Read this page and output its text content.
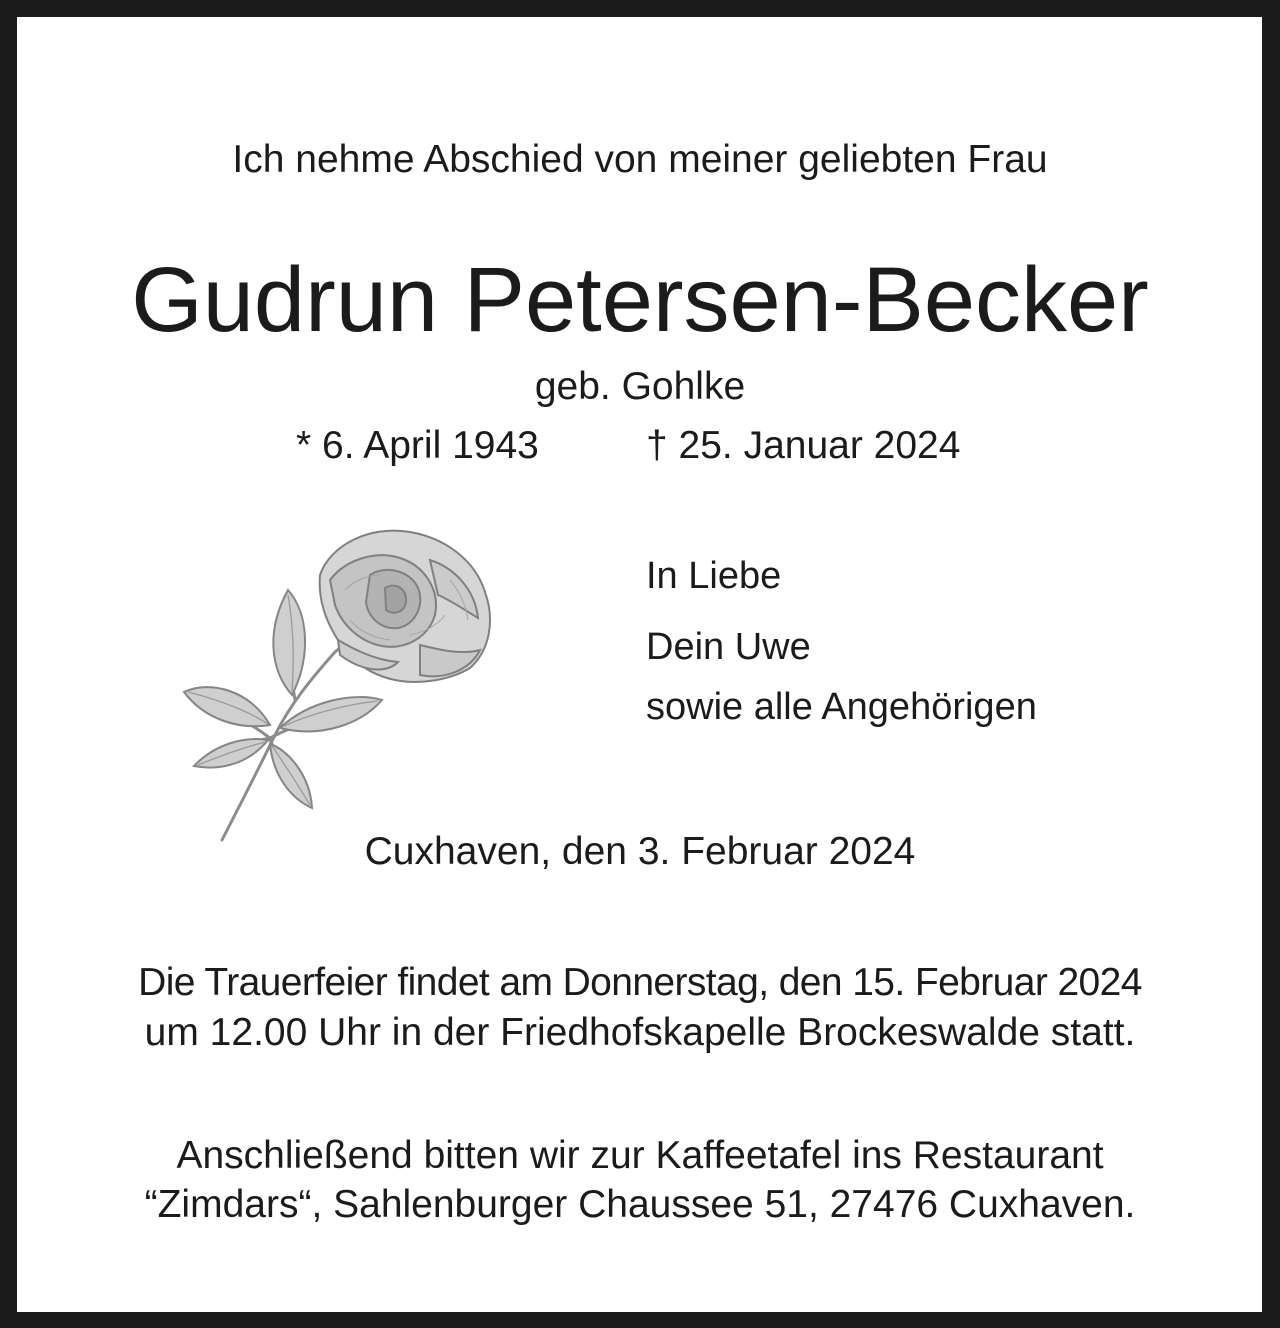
Ich nehme Abschied von meiner geliebten Frau
Gudrun Petersen-Becker
geb. Gohlke
* 6. April 1943	† 25. Januar 2024
In Liebe
Dein Uwe
sowie alle Angehörigen
Cuxhaven, den 3. Februar 2024
Die Trauerfeier findet am Donnerstag, den 15. Februar 2024
um 12.00 Uhr in der Friedhofskapelle Brockeswalde statt.
Anschließend bitten wir zur Kaffeetafel ins Restaurant
“Zimdars“, Sahlenburger Chaussee 51, 27476 Cuxhaven.
